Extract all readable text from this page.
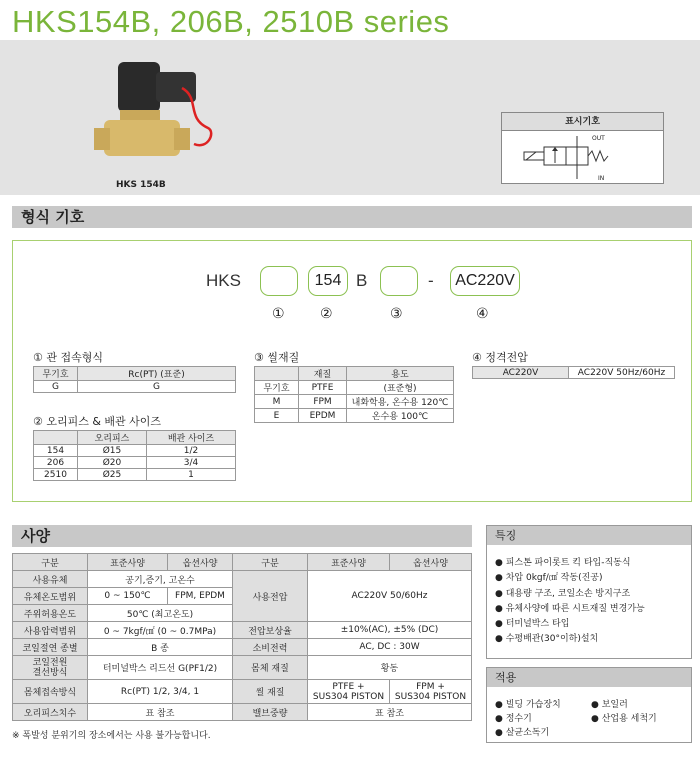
HKS154B, 206B, 2510B series
HKS 154B
표시기호
OUT
IN
형식 기호
HKS	154 B	-	AC220V
①	②	③	④
① 관 접속형식
무기호	Rc(PT) (표준)
G	G
② 오리피스 & 배관 사이즈
	오리피스	배관 사이즈
154	Ø15	1/2
206	Ø20	3/4
2510	Ø25	1
③ 씰재질
	재질	용도
무기호	PTFE	(표준형)
M	FPM	내화학용, 온수용 120℃
E	EPDM	온수용 100℃
④ 정격전압
AC220V	AC220V 50Hz/60Hz
사양
구분	표준사양	옵션사양	구분	표준사양	옵션사양
사용유체	공기,증기, 고온수		사용전압	AC220V 50/60Hz	
유체온도범위	0 ~ 150℃	FPM, EPDM			
주위허용온도	50℃ (최고온도)				
사용압력범위	0 ~ 7kgf/㎠ (0 ~ 0.7MPa)		전압보상율	±10%(AC), ±5% (DC)	
코일절연 종별	B 종		소비전력	AC, DC : 30W	
코일전원
결선방식	터미널박스 리드선 G(PF1/2)		몸체 재질	황동	
몸체접속방식	Rc(PT) 1/2, 3/4, 1		씰 재질	PTFE +
SUS304 PISTON	FPM +
SUS304 PISTON
오리피스치수	표 참조		밸브중량	표 참조	
특징
● 피스톤 파이롯트 킥 타입-직동식
● 차압 0kgf/㎠ 작동(진공)
● 대용량 구조, 코일소손 방지구조
● 유체사양에 따른 시트재질 변경가능
● 터미널박스 타입
● 수평배관(30°이하)설치
적용
● 빌딩 가습장치	● 보일러
● 정수기	● 산업용 세척기
● 살균소독기
※ 폭발성 분위기의 장소에서는 사용 불가능합니다.
